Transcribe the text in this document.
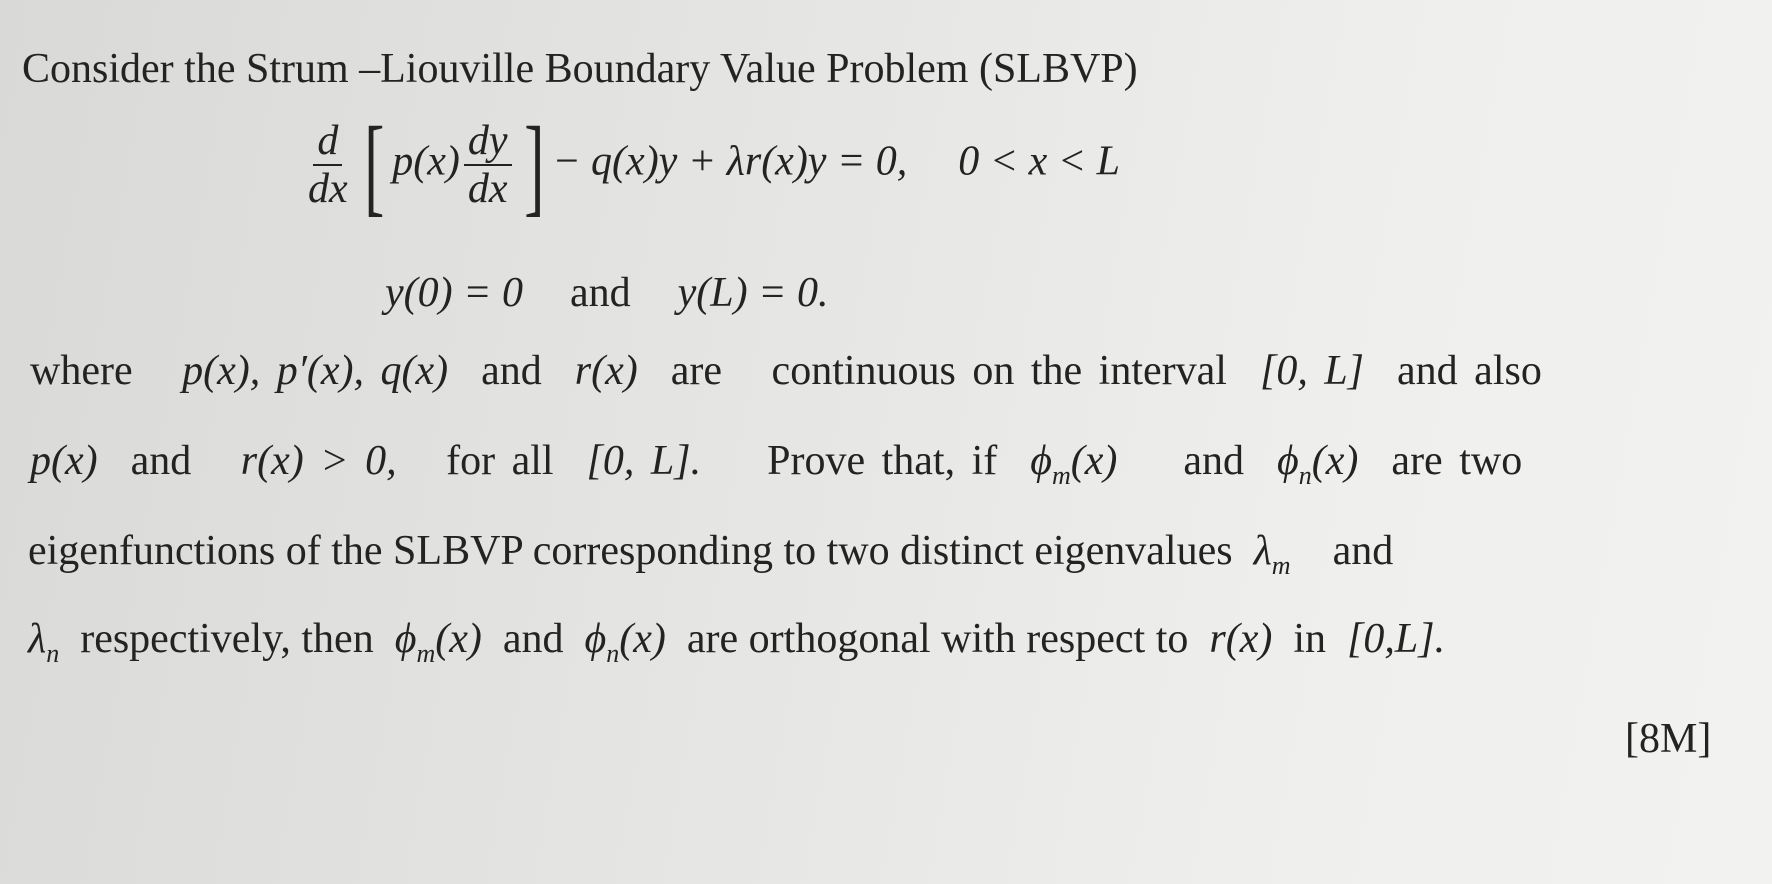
Consider the Strum –Liouville Boundary Value Problem (SLBVP)
$\frac{d}{dx}$ [ $p(x) \frac{dy}{dx}$ ] − q(x)y + λr(x)y = 0, 0 < x < L
y(0) = 0 and y(L) = 0.
where p(x), p′(x), q(x) and r(x) are continuous on the interval [0, L] and also
p(x) and r(x) > 0, for all [0, L]. Prove that, if $\phi_m(x)$ and $\phi_n(x)$ are two
eigenfunctions of the SLBVP corresponding to two distinct eigenvalues $\lambda_m$ and
$\lambda_n$ respectively, then $\phi_m(x)$ and $\phi_n(x)$ are orthogonal with respect to r(x) in [0,L].
[8M]
